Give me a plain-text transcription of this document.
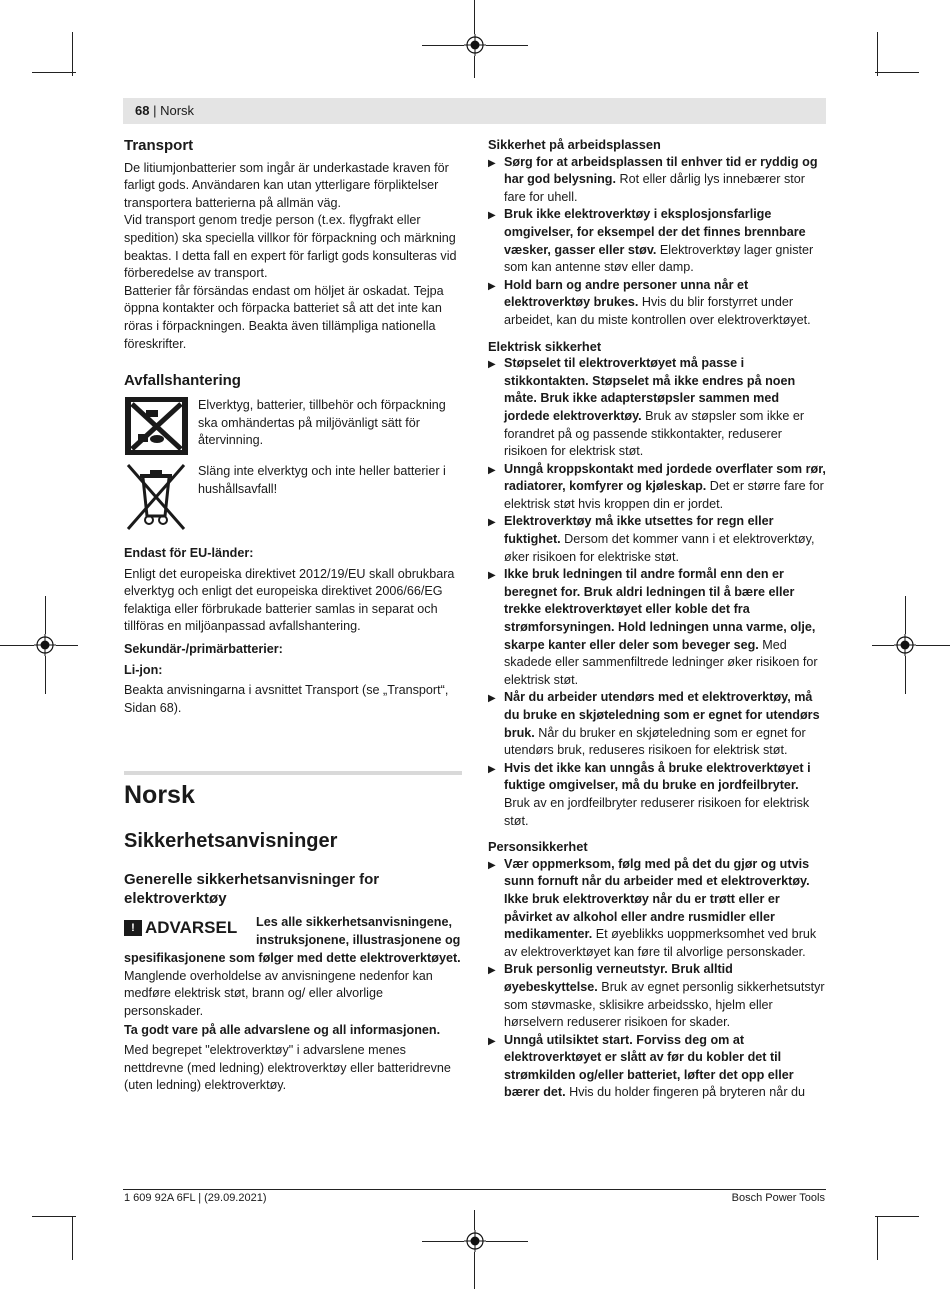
68 | Norsk
Transport

De litiumjonbatterier som ingår är underkastade kraven för farligt gods. Användaren kan utan ytterligare förpliktelser transportera batterierna på allmän väg.

Vid transport genom tredje person (t.ex. flygfrakt eller spedition) ska speciella villkor för förpackning och märkning beaktas. I detta fall en expert för farligt gods konsulteras vid förberedelse av transport.

Batterier får försändas endast om höljet är oskadat. Tejpa öppna kontakter och förpacka batteriet så att det inte kan röras i förpackningen. Beakta även tillämpliga nationella föreskrifter.

Avfallshantering
Elverktyg, batterier, tillbehör och förpackning ska omhändertas på miljövänligt sätt för återvinning.
Släng inte elverktyg och inte heller batterier i hushållsavfall!

Endast för EU-länder:

Enligt det europeiska direktivet 2012/19/EU skall obrukbara elverktyg och enligt det europeiska direktivet 2006/66/EG felaktiga eller förbrukade batterier samlas in separat och tillföras en miljöanpassad avfallshantering.

Sekundär-/primärbatterier:

Li-jon:

Beakta anvisningarna i avsnittet Transport (se „Transport“, Sidan 68).

Norsk
Sikkerhetsanvisninger
Generelle sikkerhetsanvisninger for elektroverktøy
! ADVARSEL Les alle sikkerhetsanvisningene, instruksjonene, illustrasjonene og

spesifikasjonene som følger med dette elektroverktøyet. Manglende overholdelse av anvisningene nedenfor kan medføre elektrisk støt, brann og/ eller alvorlige personskader.

Ta godt vare på alle advarslene og all informasjonen.

Med begrepet "elektroverktøy" i advarslene menes nettdrevne (med ledning) elektroverktøy eller batteridrevne (uten ledning) elektroverktøy.

Sikkerhet på arbeidsplassen

▶ Sørg for at arbeidsplassen til enhver tid er ryddig og har god belysning. Rot eller dårlig lys innebærer stor fare for uhell.
▶ Bruk ikke elektroverktøy i eksplosjonsfarlige omgivelser, for eksempel der det finnes brennbare væsker, gasser eller støv. Elektroverktøy lager gnister som kan antenne støv eller damp.
▶ Hold barn og andre personer unna når et elektroverktøy brukes. Hvis du blir forstyrret under arbeidet, kan du miste kontrollen over elektroverktøyet.

Elektrisk sikkerhet

▶ Støpselet til elektroverktøyet må passe i stikkontakten. Støpselet må ikke endres på noen måte. Bruk ikke adapterstøpsler sammen med jordede elektroverktøy. Bruk av støpsler som ikke er forandret på og passende stikkontakter, reduserer risikoen for elektrisk støt.
▶ Unngå kroppskontakt med jordede overflater som rør, radiatorer, komfyrer og kjøleskap. Det er større fare for elektrisk støt hvis kroppen din er jordet.
▶ Elektroverktøy må ikke utsettes for regn eller fuktighet. Dersom det kommer vann i et elektroverktøy, øker risikoen for elektriske støt.
▶ Ikke bruk ledningen til andre formål enn den er beregnet for. Bruk aldri ledningen til å bære eller trekke elektroverktøyet eller koble det fra strømforsyningen. Hold ledningen unna varme, olje, skarpe kanter eller deler som beveger seg. Med skadede eller sammenfiltrede ledninger øker risikoen for elektrisk støt.
▶ Når du arbeider utendørs med et elektroverktøy, må du bruke en skjøteledning som er egnet for utendørs bruk. Når du bruker en skjøteledning som er egnet for utendørs bruk, reduseres risikoen for elektrisk støt.
▶ Hvis det ikke kan unngås å bruke elektroverktøyet i fuktige omgivelser, må du bruke en jordfeilbryter. Bruk av en jordfeilbryter reduserer risikoen for elektrisk støt.

Personsikkerhet

▶ Vær oppmerksom, følg med på det du gjør og utvis sunn fornuft når du arbeider med et elektroverktøy. Ikke bruk elektroverktøy når du er trøtt eller er påvirket av alkohol eller andre rusmidler eller medikamenter. Et øyeblikks uoppmerksomhet ved bruk av elektroverktøyet kan føre til alvorlige personskader.
▶ Bruk personlig verneutstyr. Bruk alltid øyebeskyttelse. Bruk av egnet personlig sikkerhetsutstyr som støvmaske, sklisikre arbeidssko, hjelm eller hørselvern reduserer risikoen for skader.
▶ Unngå utilsiktet start. Forviss deg om at elektroverktøyet er slått av før du kobler det til strømkilden og/eller batteriet, løfter det opp eller bærer det. Hvis du holder fingeren på bryteren når du
1 609 92A 6FL | (29.09.2021)	Bosch Power Tools
